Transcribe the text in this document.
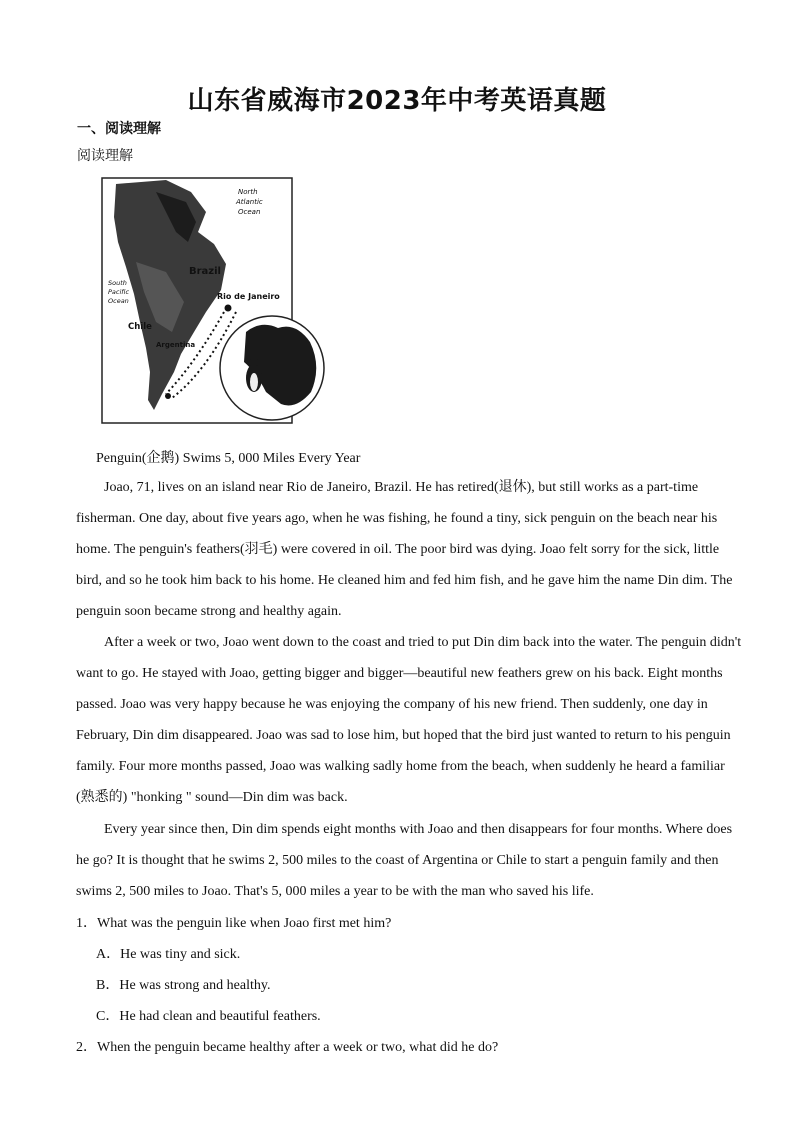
山东省威海市2023年中考英语真题
一、阅读理解
阅读理解
North
Atlantic
Ocean
Brazil
Rio de Janeiro
South
Pacific
Ocean
Chile
Argentina
Penguin(企鹅) Swims 5, 000 Miles Every Year

Joao, 71, lives on an island near Rio de Janeiro, Brazil. He has retired(退休), but still works as a part-time fisherman. One day, about five years ago, when he was fishing, he found a tiny, sick penguin on the beach near his home. The penguin's feathers(羽毛) were covered in oil. The poor bird was dying. Joao felt sorry for the sick, little bird, and so he took him back to his home. He cleaned him and fed him fish, and he gave him the name Din dim. The penguin soon became strong and healthy again.

After a week or two, Joao went down to the coast and tried to put Din dim back into the water. The penguin didn't want to go. He stayed with Joao, getting bigger and bigger—beautiful new feathers grew on his back. Eight months passed. Joao was very happy because he was enjoying the company of his new friend. Then suddenly, one day in February, Din dim disappeared. Joao was sad to lose him, but hoped that the bird just wanted to return to his penguin family. Four more months passed, Joao was walking sadly home from the beach, when suddenly he heard a familiar (熟悉的) "honking " sound—Din dim was back.

Every year since then, Din dim spends eight months with Joao and then disappears for four months. Where does he go? It is thought that he swims 2, 500 miles to the coast of Argentina or Chile to start a penguin family and then swims 2, 500 miles to Joao. That's 5, 000 miles a year to be with the man who saved his life.

1．What was the penguin like when Joao first met him?
A．He was tiny and sick.
B．He was strong and healthy.
C．He had clean and beautiful feathers.
2．When the penguin became healthy after a week or two, what did he do?
